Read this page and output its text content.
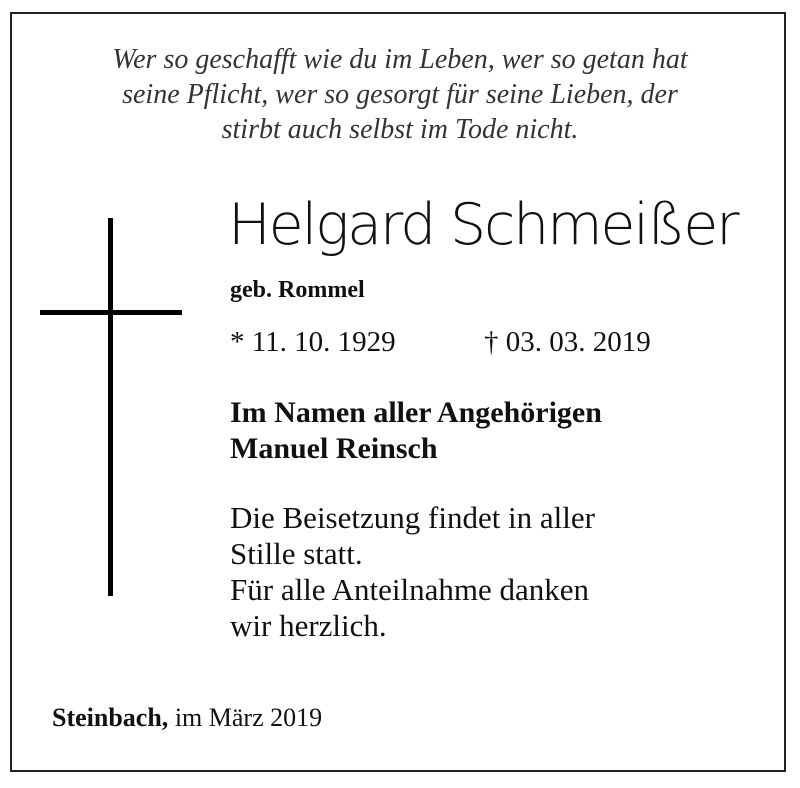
Wer so geschafft wie du im Leben, wer so getan hat
seine Pflicht, wer so gesorgt für seine Lieben, der
stirbt auch selbst im Tode nicht.
Helgard Schmeißer
geb. Rommel
* 11. 10. 1929	† 03. 03. 2019
Im Namen aller Angehörigen
Manuel Reinsch
Die Beisetzung findet in aller
Stille statt.
Für alle Anteilnahme danken
wir herzlich.
Steinbach, im März 2019
